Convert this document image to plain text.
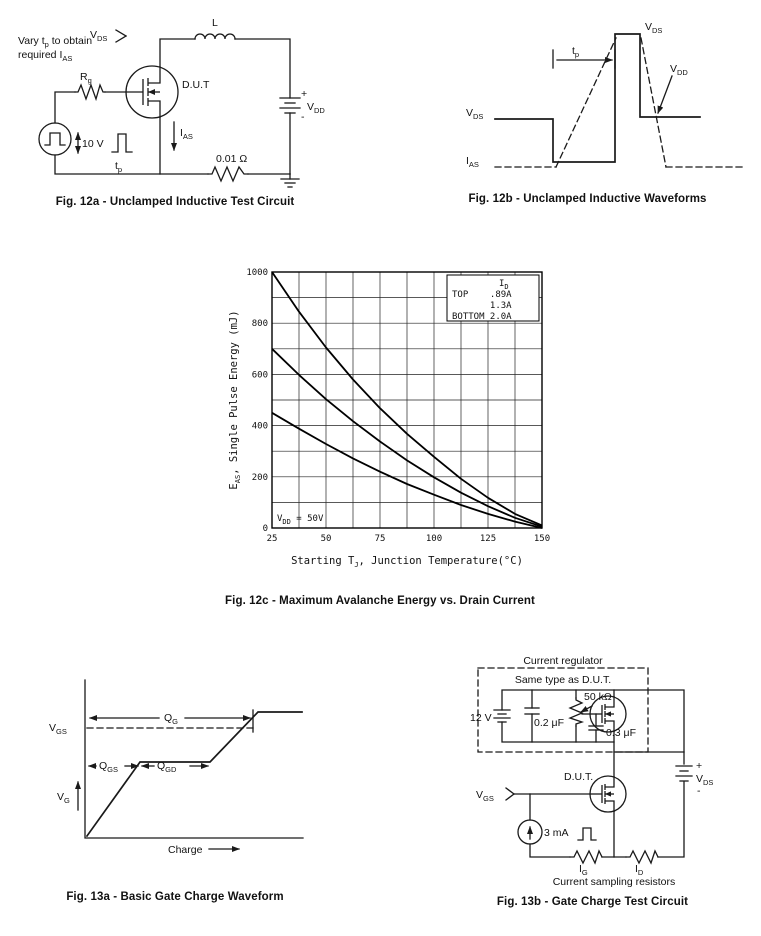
Vary $t_p$ to obtain
required $I_{AS}$
$V_{DS}$
L
D.U.T
$R_g$
10 V
$t_p$
$I_{AS}$
0.01 Ω
+
$V_{DD}$
-
Fig. 12a - Unclamped Inductive Test Circuit
$t_p$
$V_{DS}$
$V_{DD}$
$V_{DS}$
$I_{AS}$
Fig. 12b - Unclamped Inductive Waveforms
25	50	75	100	125	150
0
200
400
600
800
1000
$I_D$
TOP    .89A
1.3A
BOTTOM 2.0A
$V_{DD} = 50V$
Starting $T_J$, Junction Temperature(°C)
$E_{AS}$, Single Pulse Energy (mJ)
Fig. 12c - Maximum Avalanche Energy vs. Drain Current
$V_{GS}$
$V_G$
$Q_G$
$Q_{GS}$	$Q_{GD}$
Charge
Fig. 13a - Basic Gate Charge Waveform
Current regulator
Same type as D.U.T.
12 V	0.2 μF
50 kΩ
0.3 μF
D.U.T.
+
$V_{DS}$
-
$V_{GS}$
3 mA
$I_G$	$I_D$
Current sampling resistors
Fig. 13b - Gate Charge Test Circuit
